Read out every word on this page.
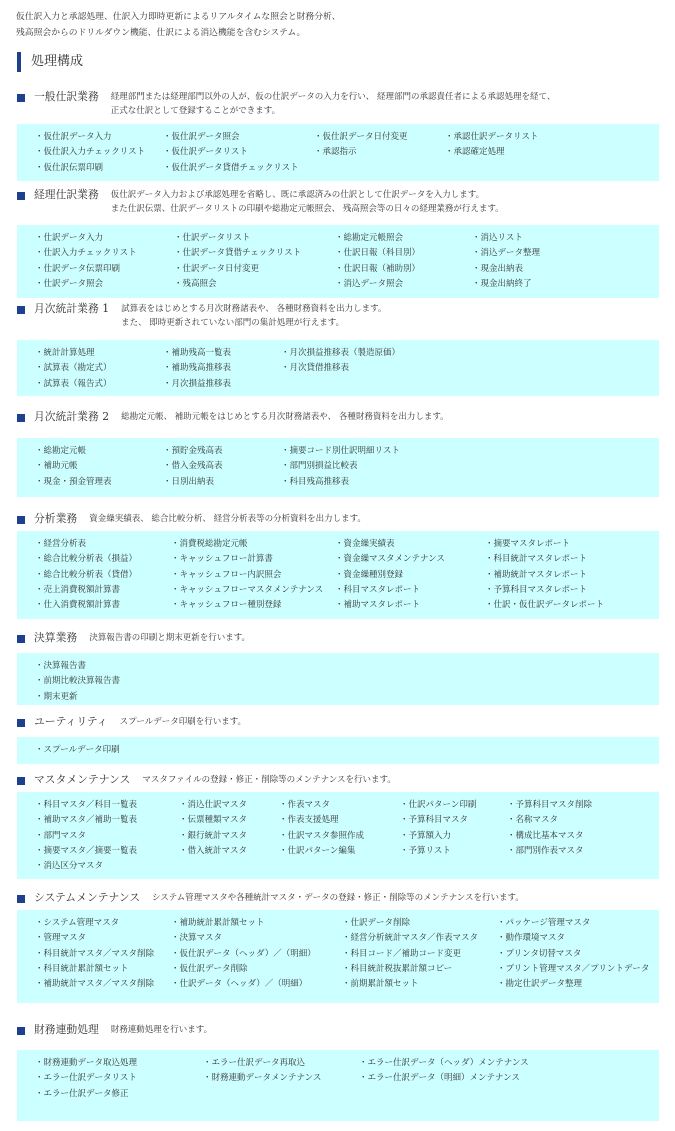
仮仕訳入力と承認処理、仕訳入力即時更新によるリアルタイムな照会と財務分析、
残高照会からのドリルダウン機能、仕訳による消込機能を含むシステム。
処理構成
一般仕訳業務 経理部門または経理部門以外の人が、仮の仕訳データの入力を行い、 経理部門の承認責任者による承認処理を経て、
正式な仕訳として登録することができます。
・仮仕訳データ入力
・仮仕訳入力チェックリスト
・仮仕訳伝票印刷
・仮仕訳データ照会
・仮仕訳データリスト
・仮仕訳データ貸借チェックリスト
・仮仕訳データ日付変更
・承認指示
・承認仕訳データリスト
・承認確定処理
経理仕訳業務 仮仕訳データ入力および承認処理を省略し、既に承認済みの仕訳として仕訳データを入力します。
また仕訳伝票、仕訳データリストの印刷や総勘定元帳照会、 残高照会等の日々の経理業務が行えます。
・仕訳データ入力
・仕訳入力チェックリスト
・仕訳データ伝票印刷
・仕訳データ照会
・仕訳データリスト
・仕訳データ貸借チェックリスト
・仕訳データ日付変更
・残高照会
・総勘定元帳照会
・仕訳日報（科目別）
・仕訳日報（補助別）
・消込データ照会
・消込リスト
・消込データ整理
・現金出納表
・現金出納終了
月次統計業務 1 試算表をはじめとする月次財務諸表や、 各種財務資料を出力します。
また、 即時更新されていない部門の集計処理が行えます。
・統計計算処理
・試算表（勘定式）
・試算表（報告式）
・補助残高一覧表
・補助残高推移表
・月次損益推移表
・月次損益推移表（製造原価）
・月次貸借推移表
月次統計業務 2 総勘定元帳、 補助元帳をはじめとする月次財務諸表や、 各種財務資料を出力します。
・総勘定元帳
・補助元帳
・現金・預金管理表
・預貯金残高表
・借入金残高表
・日別出納表
・摘要コード別仕訳明細リスト
・部門別損益比較表
・科目残高推移表
分析業務 資金繰実績表、 総合比較分析、 経営分析表等の分析資料を出力します。
・経営分析表
・総合比較分析表（損益）
・総合比較分析表（貸借）
・売上消費税額計算書
・仕入消費税額計算書
・消費税総勘定元帳
・キャッシュフロー計算書
・キャッシュフロー内訳照会
・キャッシュフローマスタメンテナンス
・キャッシュフロー種別登録
・資金繰実績表
・資金繰マスタメンテナンス
・資金繰種別登録
・科目マスタレポート
・補助マスタレポート
・摘要マスタレポート
・科目統計マスタレポート
・補助統計マスタレポート
・予算科目マスタレポート
・仕訳・仮仕訳データレポート
決算業務 決算報告書の印刷と期末更新を行います。
・決算報告書
・前期比較決算報告書
・期末更新
ユーティリティ スプールデータ印刷を行います。
・スプールデータ印刷
マスタメンテナンス マスタファイルの登録・修正・削除等のメンテナンスを行います。
・科目マスタ／科目一覧表
・補助マスタ／補助一覧表
・部門マスタ
・摘要マスタ／摘要一覧表
・消込区分マスタ
・消込仕訳マスタ
・伝票種類マスタ
・銀行統計マスタ
・借入統計マスタ
・作表マスタ
・作表支援処理
・仕訳マスタ参照作成
・仕訳パターン編集
・仕訳パターン印刷
・予算科目マスタ
・予算額入力
・予算リスト
・予算科目マスタ削除
・名称マスタ
・構成比基本マスタ
・部門別作表マスタ
システムメンテナンス システム管理マスタや各種統計マスタ・データの登録・修正・削除等のメンテナンスを行います。
・システム管理マスタ
・管理マスタ
・科目統計マスタ／マスタ削除
・科目統計累計額セット
・補助統計マスタ／マスタ削除
・補助統計累計額セット
・決算マスタ
・仮仕訳データ（ヘッダ）／（明細）
・仮仕訳データ削除
・仕訳データ（ヘッダ）／（明細）
・仕訳データ削除
・経営分析統計マスタ／作表マスタ
・科目コード／補助コード変更
・科目統計税抜累計額コピー
・前期累計額セット
・パッケージ管理マスタ
・動作環境マスタ
・プリンタ切替マスタ
・プリント管理マスタ／プリントデータ
・勘定仕訳データ整理
財務連動処理 財務連動処理を行います。
・財務連動データ取込処理
・エラー仕訳データリスト
・エラー仕訳データ修正
・エラー仕訳データ再取込
・財務連動データメンテナンス
・エラー仕訳データ（ヘッダ）メンテナンス
・エラー仕訳データ（明細）メンテナンス
